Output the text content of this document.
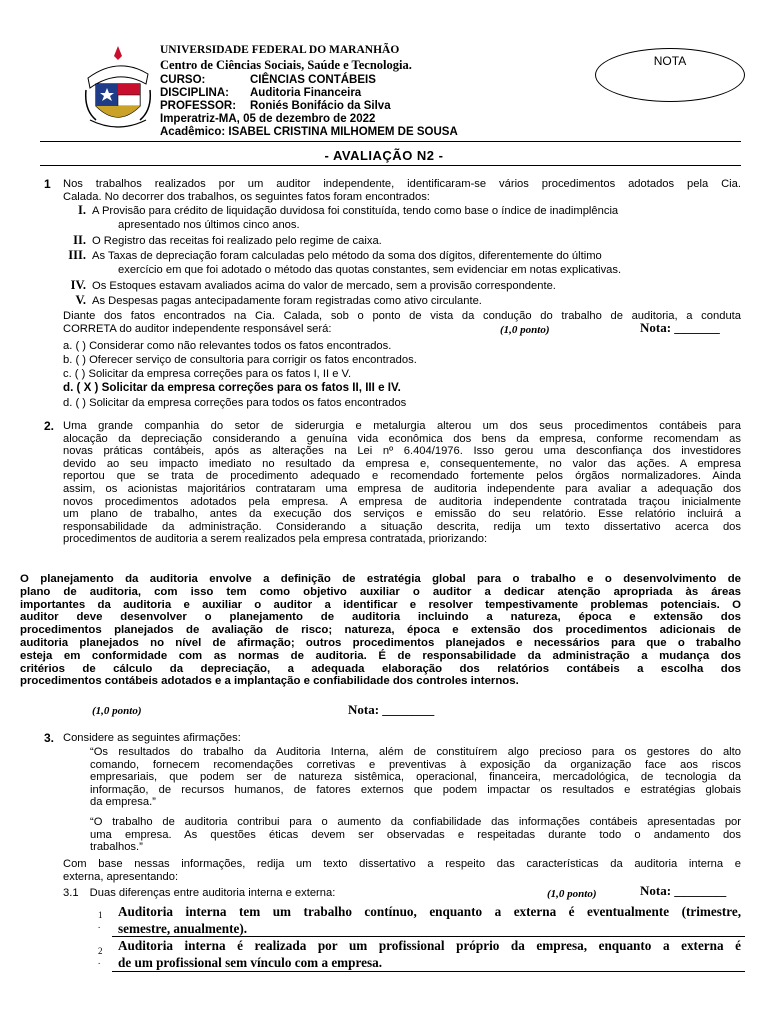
UNIVERSIDADE FEDERAL DO MARANHÃO
Centro de Ciências Sociais, Saúde e Tecnologia.
CURSO:	CIÊNCIAS CONTÁBEIS
DISCIPLINA: Auditoria Financeira
PROFESSOR: Roniés Bonifácio da Silva
Imperatriz-MA, 05 de dezembro de 2022
Acadêmico: ISABEL CRISTINA MILHOMEM DE SOUSA
NOTA
- AVALIAÇÃO N2 -
1 Nos trabalhos realizados por um auditor independente, identificaram-se vários procedimentos adotados pela Cia.
Calada. No decorrer dos trabalhos, os seguintes fatos foram encontrados:
I. A Provisão para crédito de liquidação duvidosa foi constituída, tendo como base o índice de inadimplência
apresentado nos últimos cinco anos.
II. O Registro das receitas foi realizado pelo regime de caixa.
III. As Taxas de depreciação foram calculadas pelo método da soma dos dígitos, diferentemente do último
exercício em que foi adotado o método das quotas constantes, sem evidenciar em notas explicativas.
IV. Os Estoques estavam avaliados acima do valor de mercado, sem a provisão correspondente.
V. As Despesas pagas antecipadamente foram registradas como ativo circulante.
Diante dos fatos encontrados na Cia. Calada, sob o ponto de vista da condução do trabalho de auditoria, a conduta
CORRETA do auditor independente responsável será:	(1,0 ponto)	Nota: _______
a. ( ) Considerar como não relevantes todos os fatos encontrados.
b. ( ) Oferecer serviço de consultoria para corrigir os fatos encontrados.
c. ( ) Solicitar da empresa correções para os fatos I, II e V.
d. ( X ) Solicitar da empresa correções para os fatos II, III e IV.
d. ( ) Solicitar da empresa correções para todos os fatos encontrados
2. Uma grande companhia do setor de siderurgia e metalurgia alterou um dos seus procedimentos contábeis para
alocação da depreciação considerando a genuína vida econômica dos bens da empresa, conforme recomendam as
novas práticas contábeis, após as alterações na Lei nº 6.404/1976. Isso gerou uma desconfiança dos investidores
devido ao seu impacto imediato no resultado da empresa e, consequentemente, no valor das ações. A empresa
reportou que se trata de procedimento adequado e recomendado fortemente pelos órgãos normalizadores. Ainda
assim, os acionistas majoritários contrataram uma empresa de auditoria independente para avaliar a adequação dos
novos procedimentos adotados pela empresa. A empresa de auditoria independente contratada traçou inicialmente
um plano de trabalho, antes da execução dos serviços e emissão do seu relatório. Esse relatório incluirá a
responsabilidade da administração. Considerando a situação descrita, redija um texto dissertativo acerca dos
procedimentos de auditoria a serem realizados pela empresa contratada, priorizando:
O planejamento da auditoria envolve a definição de estratégia global para o trabalho e o desenvolvimento de
plano de auditoria, com isso tem como objetivo auxiliar o auditor a dedicar atenção apropriada às áreas
importantes da auditoria e auxiliar o auditor a identificar e resolver tempestivamente problemas potenciais. O
auditor deve desenvolver o planejamento de auditoria incluindo a natureza, época e extensão dos
procedimentos planejados de avaliação de risco; natureza, época e extensão dos procedimentos adicionais de
auditoria planejados no nível de afirmação; outros procedimentos planejados e necessários para que o trabalho
esteja em conformidade com as normas de auditoria. É de responsabilidade da administração a mudança dos
critérios de cálculo da depreciação, a adequada elaboração dos relatórios contábeis a escolha dos
procedimentos contábeis adotados e a implantação e confiabilidade dos controles internos.
(1,0 ponto)	Nota: ________
3. Considere as seguintes afirmações:
“Os resultados do trabalho da Auditoria Interna, além de constituírem algo precioso para os gestores do alto
comando, fornecem recomendações corretivas e preventivas à exposição da organização face aos riscos
empresariais, que podem ser de natureza sistêmica, operacional, financeira, mercadológica, de tecnologia da
informação, de recursos humanos, de fatores externos que podem impactar os resultados e estratégias globais
da empresa.”
“O trabalho de auditoria contribui para o aumento da confiabilidade das informações contábeis apresentadas por
uma empresa. As questões éticas devem ser observadas e respeitadas durante todo o andamento dos
trabalhos.”
Com base nessas informações, redija um texto dissertativo a respeito das características da auditoria interna e
externa, apresentando:
3.1 Duas diferenças entre auditoria interna e externa:	(1,0 ponto)	Nota: ________
1
.
Auditoria interna tem um trabalho contínuo, enquanto a externa é eventualmente (trimestre,
semestre, anualmente).
2
.
Auditoria interna é realizada por um profissional próprio da empresa, enquanto a externa é
de um profissional sem vínculo com a empresa.
